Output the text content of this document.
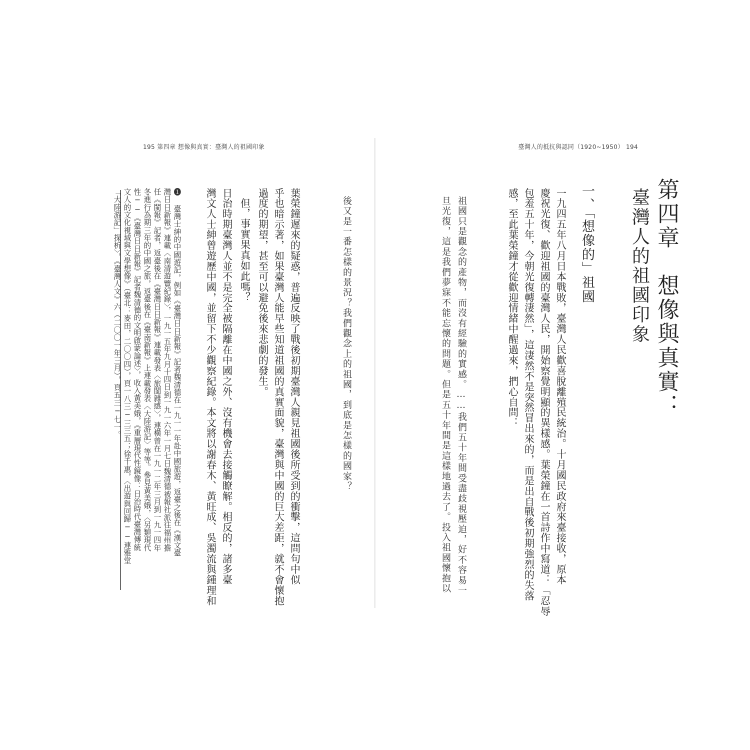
195 第四章 想像與真實：臺灣人的祖國印象	臺灣人的抵抗與認同（1920~1950） 194
第四章　想像與真實：
臺灣人的祖國印象
一、「想像的」祖國
一九四五年八月日本戰敗，臺灣人民歡喜脫離殖民統治。十月國民政府來臺接收，原本
慶祝光復、歡迎祖國的臺灣人民，開始察覺明顯的異樣感。葉榮鐘在一首詩作中寫道：「忍辱
包羞五十年，今朝光復轉淒然」，這淒然不是突然冒出來的，而是出自戰後初期強烈的失落
感，至此葉榮鐘才從歡迎情緒中醒過來，捫心自問：
祖國只是觀念的產物，而沒有經驗的實感。……我們五十年間受盡歧視壓迫，好不容易一
旦光復，這是我們夢寐不能忘懷的問題。但是五十年間是這樣地過去了。投入祖國懷抱以
後又是一番怎樣的景況？我們觀念上的祖國，到底是怎樣的國家？
葉榮鐘遲來的疑惑，普遍反映了戰後初期臺灣人親見祖國後所受到的衝擊，這問句中似
乎也暗示著，如果臺灣人能早些知道祖國的真實面貌，臺灣與中國的巨大差距，就不會懷抱
過度的期望，甚至可以避免後來悲劇的發生。
但，事實果真如此嗎？
日治時期臺灣人並不是完全被隔離在中國之外、沒有機會去接觸瞭解。相反的，諸多臺
灣文人士紳曾遊歷中國，並留下不少觀察紀錄。本文將以謝春木、黃旺成、吳濁流與鍾理和
❶ 臺灣士紳的中國遊記，例如《臺灣日日新報》記者魏清德在一九一一年赴中國旅遊，返臺之後在《漢文臺
灣日日新報》連載〈南清遊覽紀錄〉，一九一五年九月十四日到一九一六年一月七日魏清德被報社派往福州擔
任《閩報》記者，返臺後在《臺灣日日新報》連載發表〈旅閩雜感〉，連橫曾在一九一二年三月到一九一四年
冬進行為期三年的中國之旅，返臺後在《臺南新報》上連載發表〈大陸游記〉等等。參見黃美娥，〈另類現代
性──《臺灣日日新報》記者魏清德的文明啟蒙論述〉，收入黃美娥，《重層現代性鏡像：日治時代臺灣傳統
文人的文化視域與文學想像》（臺北：麥田，二〇〇四），頁一八三─三三五；徐千惠，〈出遊與回歸──連雅堂
「大陸游記」探析〉，《臺灣人文》六（二〇〇一年三月），頁五三─七一。
